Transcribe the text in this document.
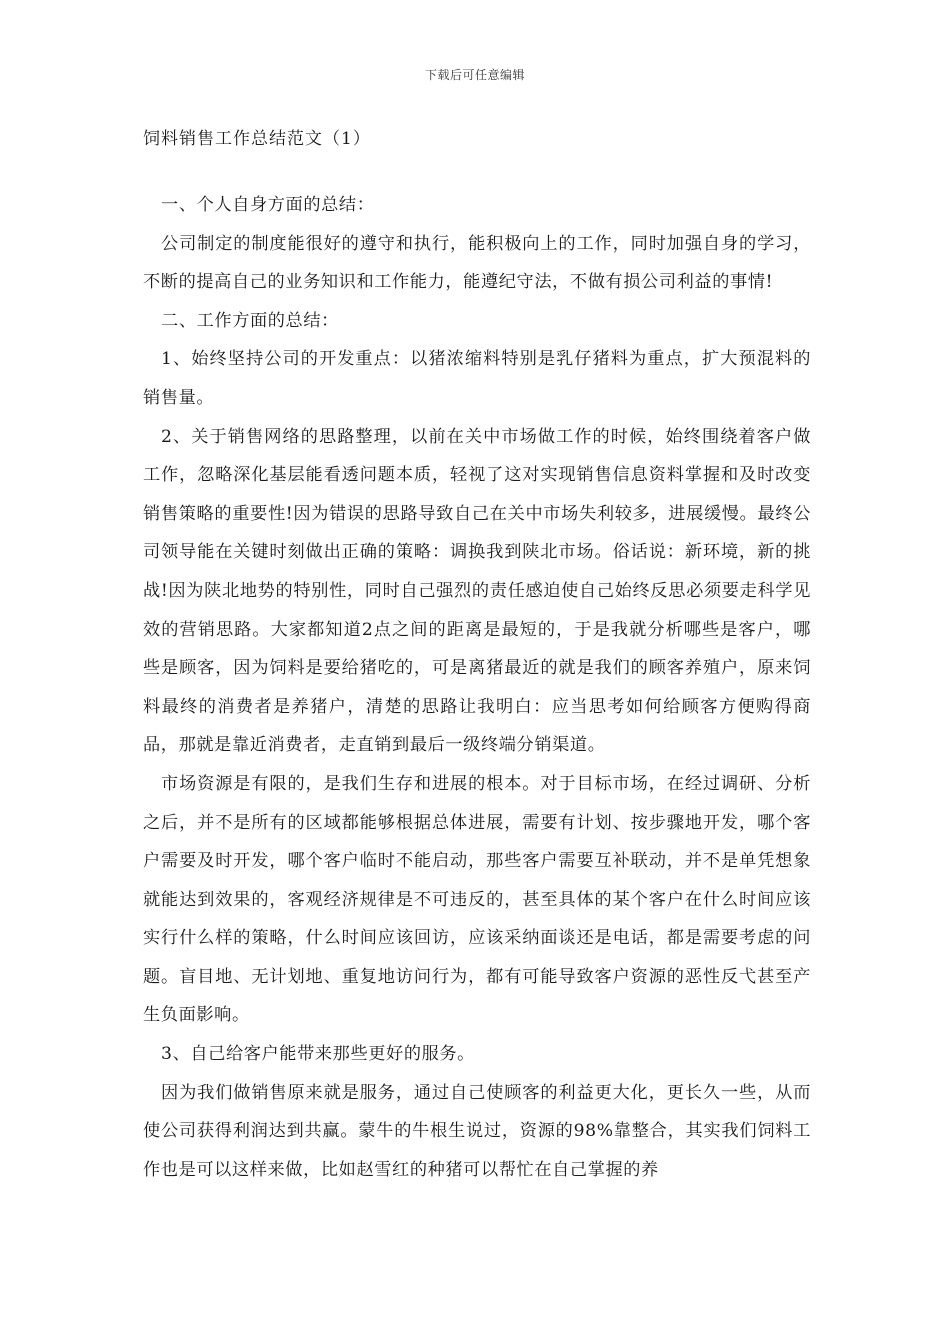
下载后可任意编辑
饲料销售工作总结范文（1）

一、个人自身方面的总结：

公司制定的制度能很好的遵守和执行，能积极向上的工作，同时加强自身的学习，不断的提高自己的业务知识和工作能力，能遵纪守法，不做有损公司利益的事情!

二、工作方面的总结：

1、始终坚持公司的开发重点：以猪浓缩料特别是乳仔猪料为重点，扩大预混料的销售量。

2、关于销售网络的思路整理，以前在关中市场做工作的时候，始终围绕着客户做工作，忽略深化基层能看透问题本质，轻视了这对实现销售信息资料掌握和及时改变销售策略的重要性!因为错误的思路导致自己在关中市场失利较多，进展缓慢。最终公司领导能在关键时刻做出正确的策略：调换我到陕北市场。俗话说：新环境，新的挑战!因为陕北地势的特别性，同时自己强烈的责任感迫使自己始终反思必须要走科学见效的营销思路。大家都知道2点之间的距离是最短的，于是我就分析哪些是客户，哪些是顾客，因为饲料是要给猪吃的，可是离猪最近的就是我们的顾客养殖户，原来饲料最终的消费者是养猪户，清楚的思路让我明白：应当思考如何给顾客方便购得商品，那就是靠近消费者，走直销到最后一级终端分销渠道。

市场资源是有限的，是我们生存和进展的根本。对于目标市场，在经过调研、分析之后，并不是所有的区域都能够根据总体进展，需要有计划、按步骤地开发，哪个客户需要及时开发，哪个客户临时不能启动，那些客户需要互补联动，并不是单凭想象就能达到效果的，客观经济规律是不可违反的，甚至具体的某个客户在什么时间应该实行什么样的策略，什么时间应该回访，应该采纳面谈还是电话，都是需要考虑的问题。盲目地、无计划地、重复地访问行为，都有可能导致客户资源的恶性反弋甚至产生负面影响。

3、自己给客户能带来那些更好的服务。

因为我们做销售原来就是服务，通过自己使顾客的利益更大化，更长久一些，从而使公司获得利润达到共赢。蒙牛的牛根生说过，资源的98%靠整合，其实我们饲料工作也是可以这样来做，比如赵雪红的种猪可以帮忙在自己掌握的养
